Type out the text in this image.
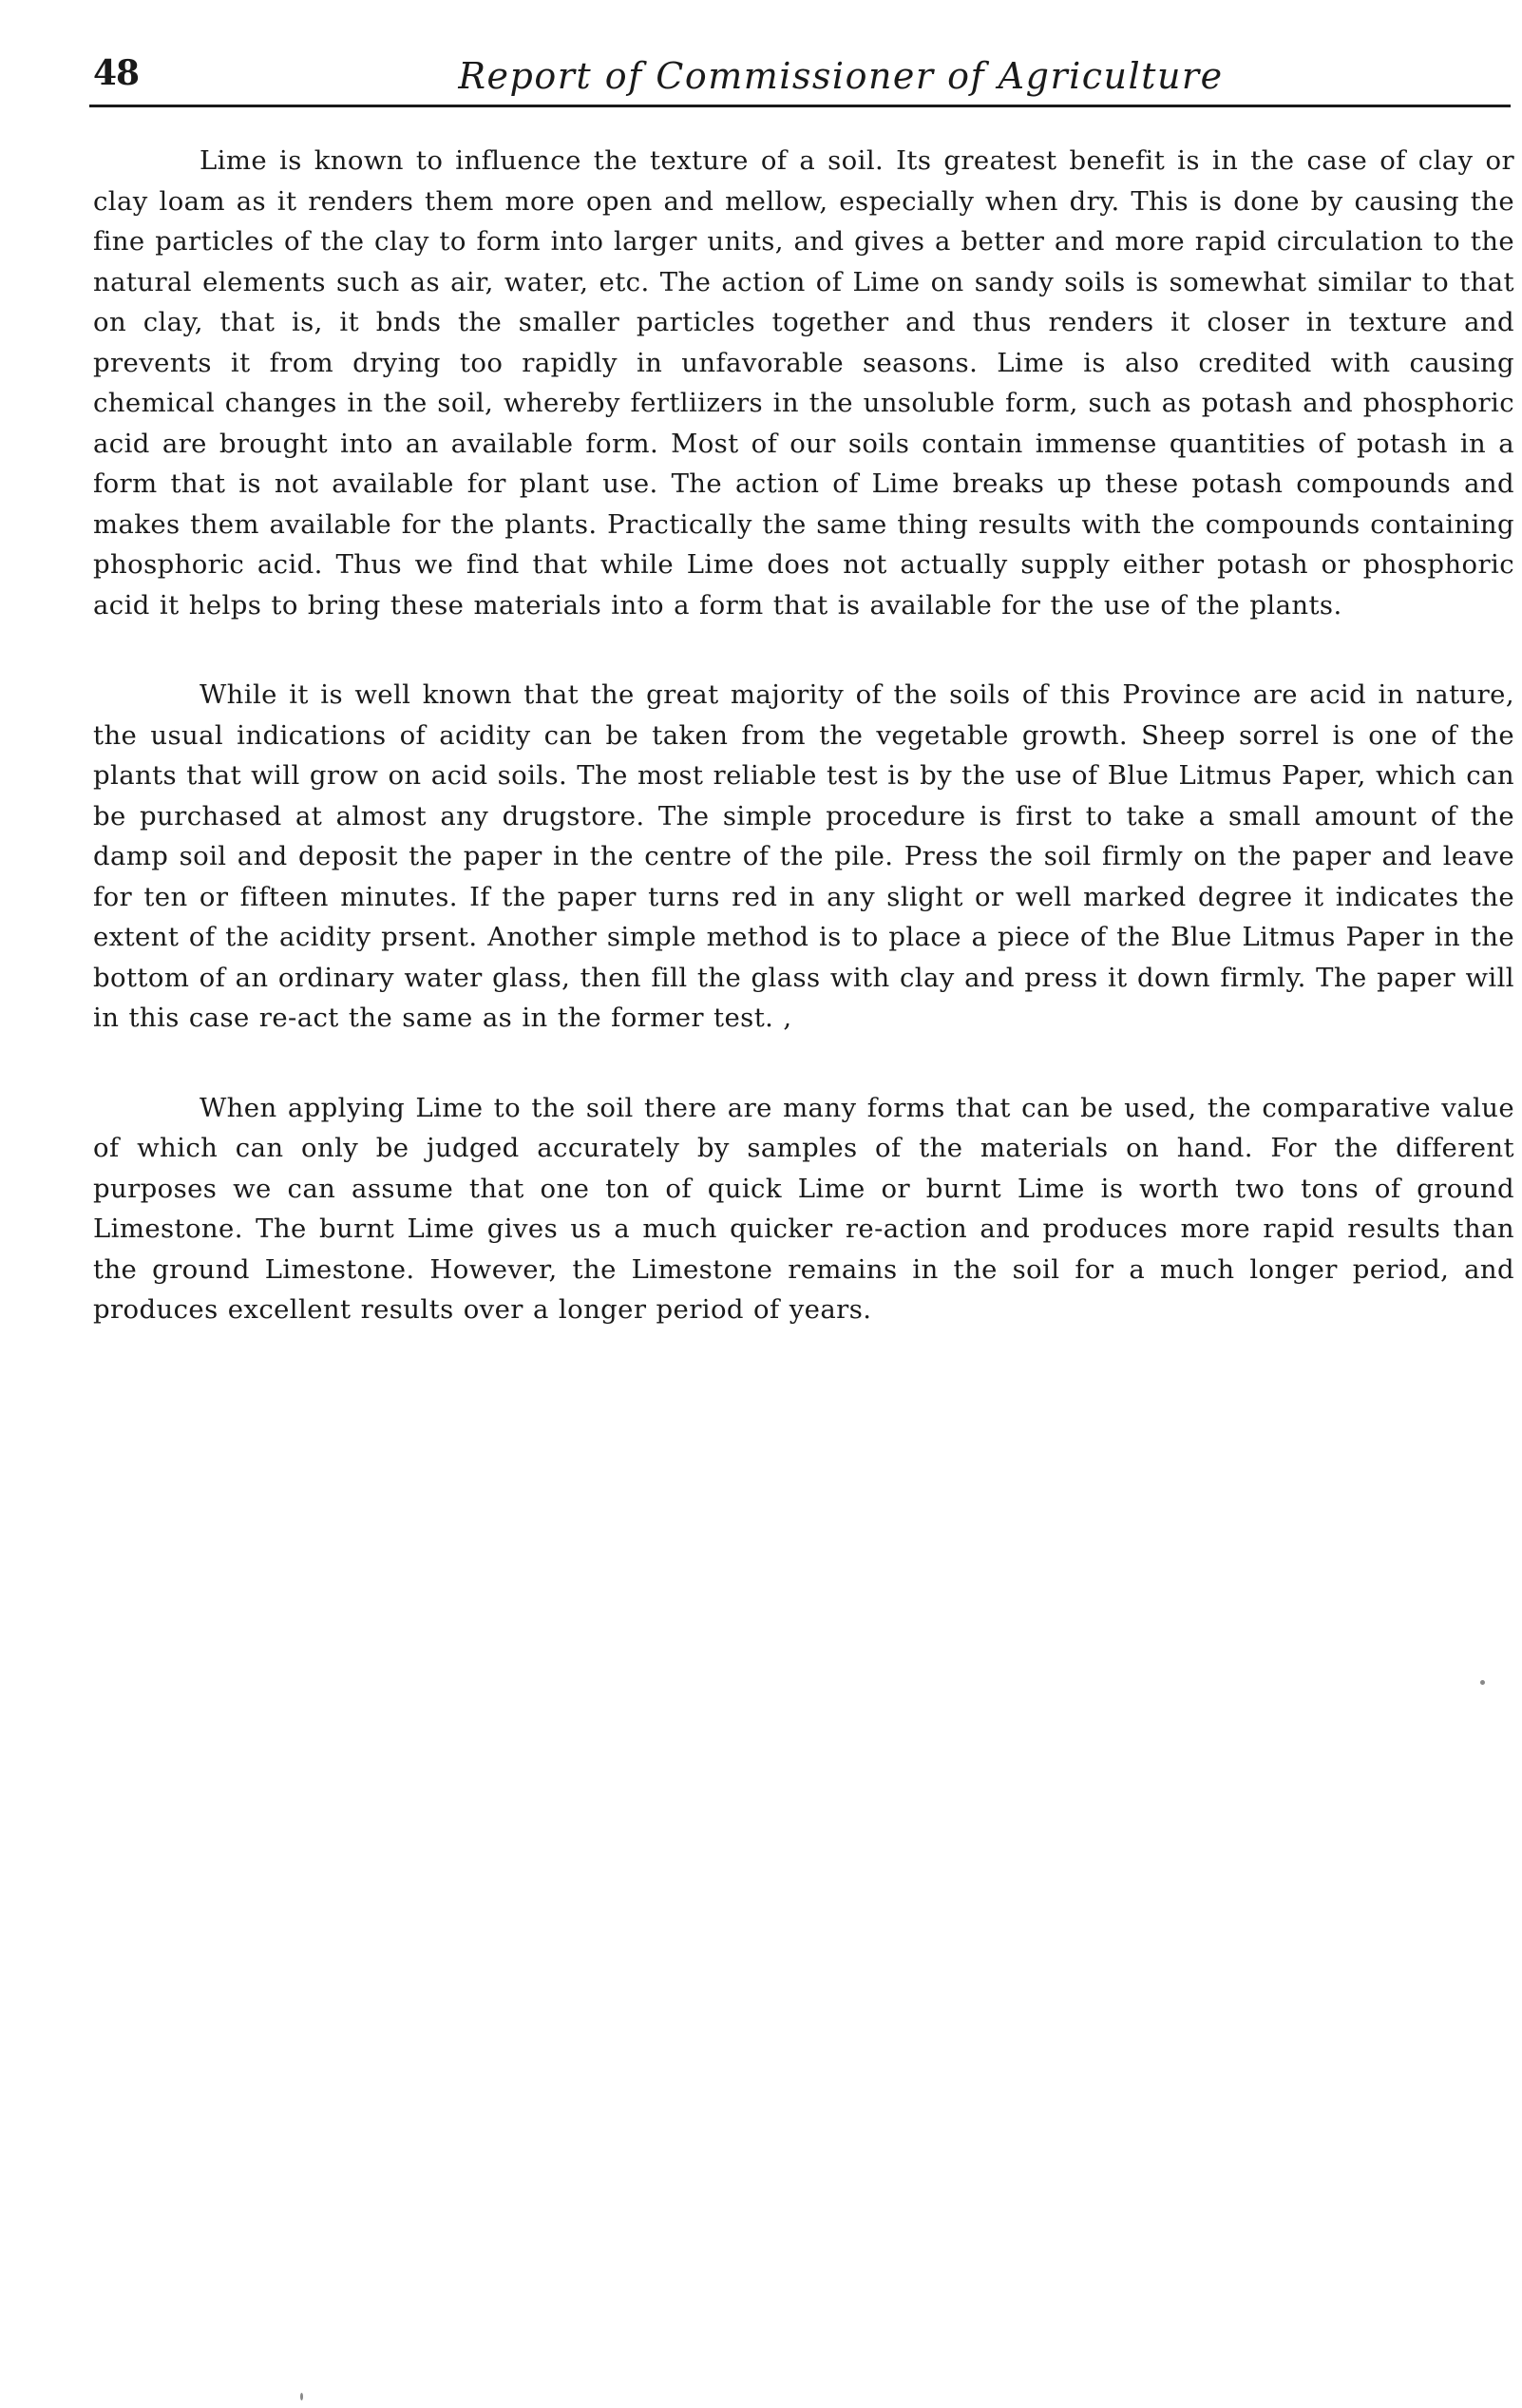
48	Report of Commissioner of Agriculture

Lime is known to influence the texture of a soil. Its greatest benefit is in the case of clay or clay loam as it renders them more open and mellow, especially when dry. This is done by causing the fine particles of the clay to form into larger units, and gives a better and more rapid circulation to the natural elements such as air, water, etc. The action of Lime on sandy soils is somewhat similar to that on clay, that is, it bnds the smaller particles together and thus renders it closer in texture and prevents it from drying too rapidly in unfavorable seasons. Lime is also credited with causing chemical changes in the soil, whereby fertliizers in the unsoluble form, such as potash and phosphoric acid are brought into an available form. Most of our soils contain immense quantities of potash in a form that is not available for plant use. The action of Lime breaks up these potash compounds and makes them available for the plants. Practically the same thing results with the compounds containing phosphoric acid. Thus we find that while Lime does not actually supply either potash or phosphoric acid it helps to bring these materials into a form that is available for the use of the plants.

While it is well known that the great majority of the soils of this Province are acid in nature, the usual indications of acidity can be taken from the vegetable growth. Sheep sorrel is one of the plants that will grow on acid soils. The most reliable test is by the use of Blue Litmus Paper, which can be purchased at almost any drugstore. The simple procedure is first to take a small amount of the damp soil and deposit the paper in the centre of the pile. Press the soil firmly on the paper and leave for ten or fifteen minutes. If the paper turns red in any slight or well marked degree it indicates the extent of the acidity prsent. Another simple method is to place a piece of the Blue Litmus Paper in the bottom of an ordinary water glass, then fill the glass with clay and press it down firmly. The paper will in this case re-act the same as in the former test. ,

When applying Lime to the soil there are many forms that can be used, the comparative value of which can only be judged accurately by samples of the materials on hand. For the different purposes we can assume that one ton of quick Lime or burnt Lime is worth two tons of ground Limestone. The burnt Lime gives us a much quicker re-action and produces more rapid results than the ground Limestone. However, the Limestone remains in the soil for a much longer period, and produces excellent results over a longer period of years.
